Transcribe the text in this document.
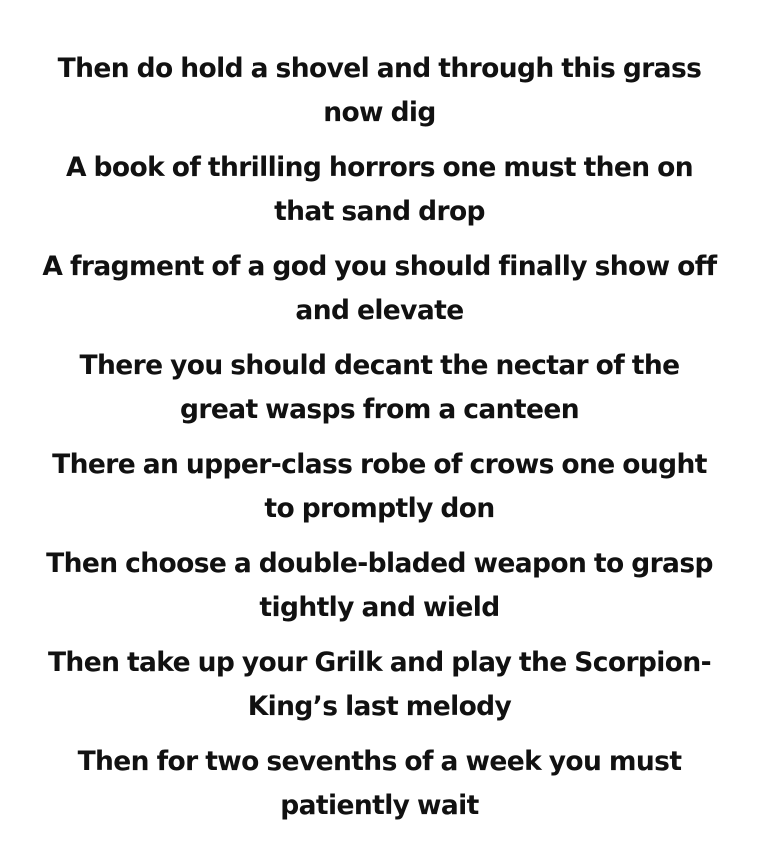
Then do hold a shovel and through this grass now dig

A book of thrilling horrors one must then on that sand drop

A fragment of a god you should finally show off and elevate

There you should decant the nectar of the great wasps from a canteen

There an upper-class robe of crows one ought to promptly don

Then choose a double-bladed weapon to grasp tightly and wield

Then take up your Grilk and play the Scorpion-King’s last melody

Then for two sevenths of a week you must patiently wait
